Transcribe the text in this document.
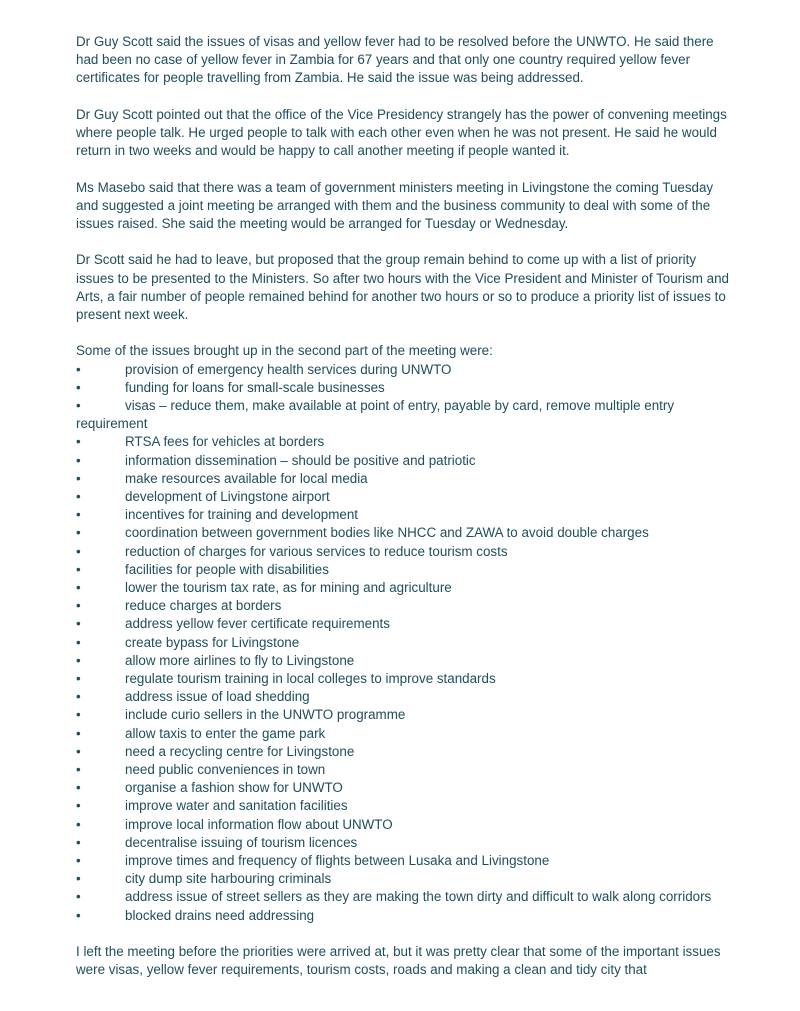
Dr Guy Scott said the issues of visas and yellow fever had to be resolved before the UNWTO. He said there had been no case of yellow fever in Zambia for 67 years and that only one country required yellow fever certificates for people travelling from Zambia. He said the issue was being addressed.

Dr Guy Scott pointed out that the office of the Vice Presidency strangely has the power of convening meetings where people talk. He urged people to talk with each other even when he was not present. He said he would return in two weeks and would be happy to call another meeting if people wanted it.

Ms Masebo said that there was a team of government ministers meeting in Livingstone the coming Tuesday and suggested a joint meeting be arranged with them and the business community to deal with some of the issues raised. She said the meeting would be arranged for Tuesday or Wednesday.

Dr Scott said he had to leave, but proposed that the group remain behind to come up with a list of priority issues to be presented to the Ministers. So after two hours with the Vice President and Minister of Tourism and Arts, a fair number of people remained behind for another two hours or so to produce a priority list of issues to present next week.

Some of the issues brought up in the second part of the meeting were:

•	provision of emergency health services during UNWTO
•	funding for loans for small-scale businesses
•	visas – reduce them, make available at point of entry, payable by card, remove multiple entry requirement
•	RTSA fees for vehicles at borders
•	information dissemination – should be positive and patriotic
•	make resources available for local media
•	development of Livingstone airport
•	incentives for training and development
•	coordination between government bodies like NHCC and ZAWA to avoid double charges
•	reduction of charges for various services to reduce tourism costs
•	facilities for people with disabilities
•	lower the tourism tax rate, as for mining and agriculture
•	reduce charges at borders
•	address yellow fever certificate requirements
•	create bypass for Livingstone
•	allow more airlines to fly to Livingstone
•	regulate tourism training in local colleges to improve standards
•	address issue of load shedding
•	include curio sellers in the UNWTO programme
•	allow taxis to enter the game park
•	need a recycling centre for Livingstone
•	need public conveniences in town
•	organise a fashion show for UNWTO
•	improve water and sanitation facilities
•	improve local information flow about UNWTO
•	decentralise issuing of tourism licences
•	improve times and frequency of flights between Lusaka and Livingstone
•	city dump site harbouring criminals
•	address issue of street sellers as they are making the town dirty and difficult to walk along corridors
•	blocked drains need addressing

I left the meeting before the priorities were arrived at, but it was pretty clear that some of the important issues were visas, yellow fever requirements, tourism costs, roads and making a clean and tidy city that
